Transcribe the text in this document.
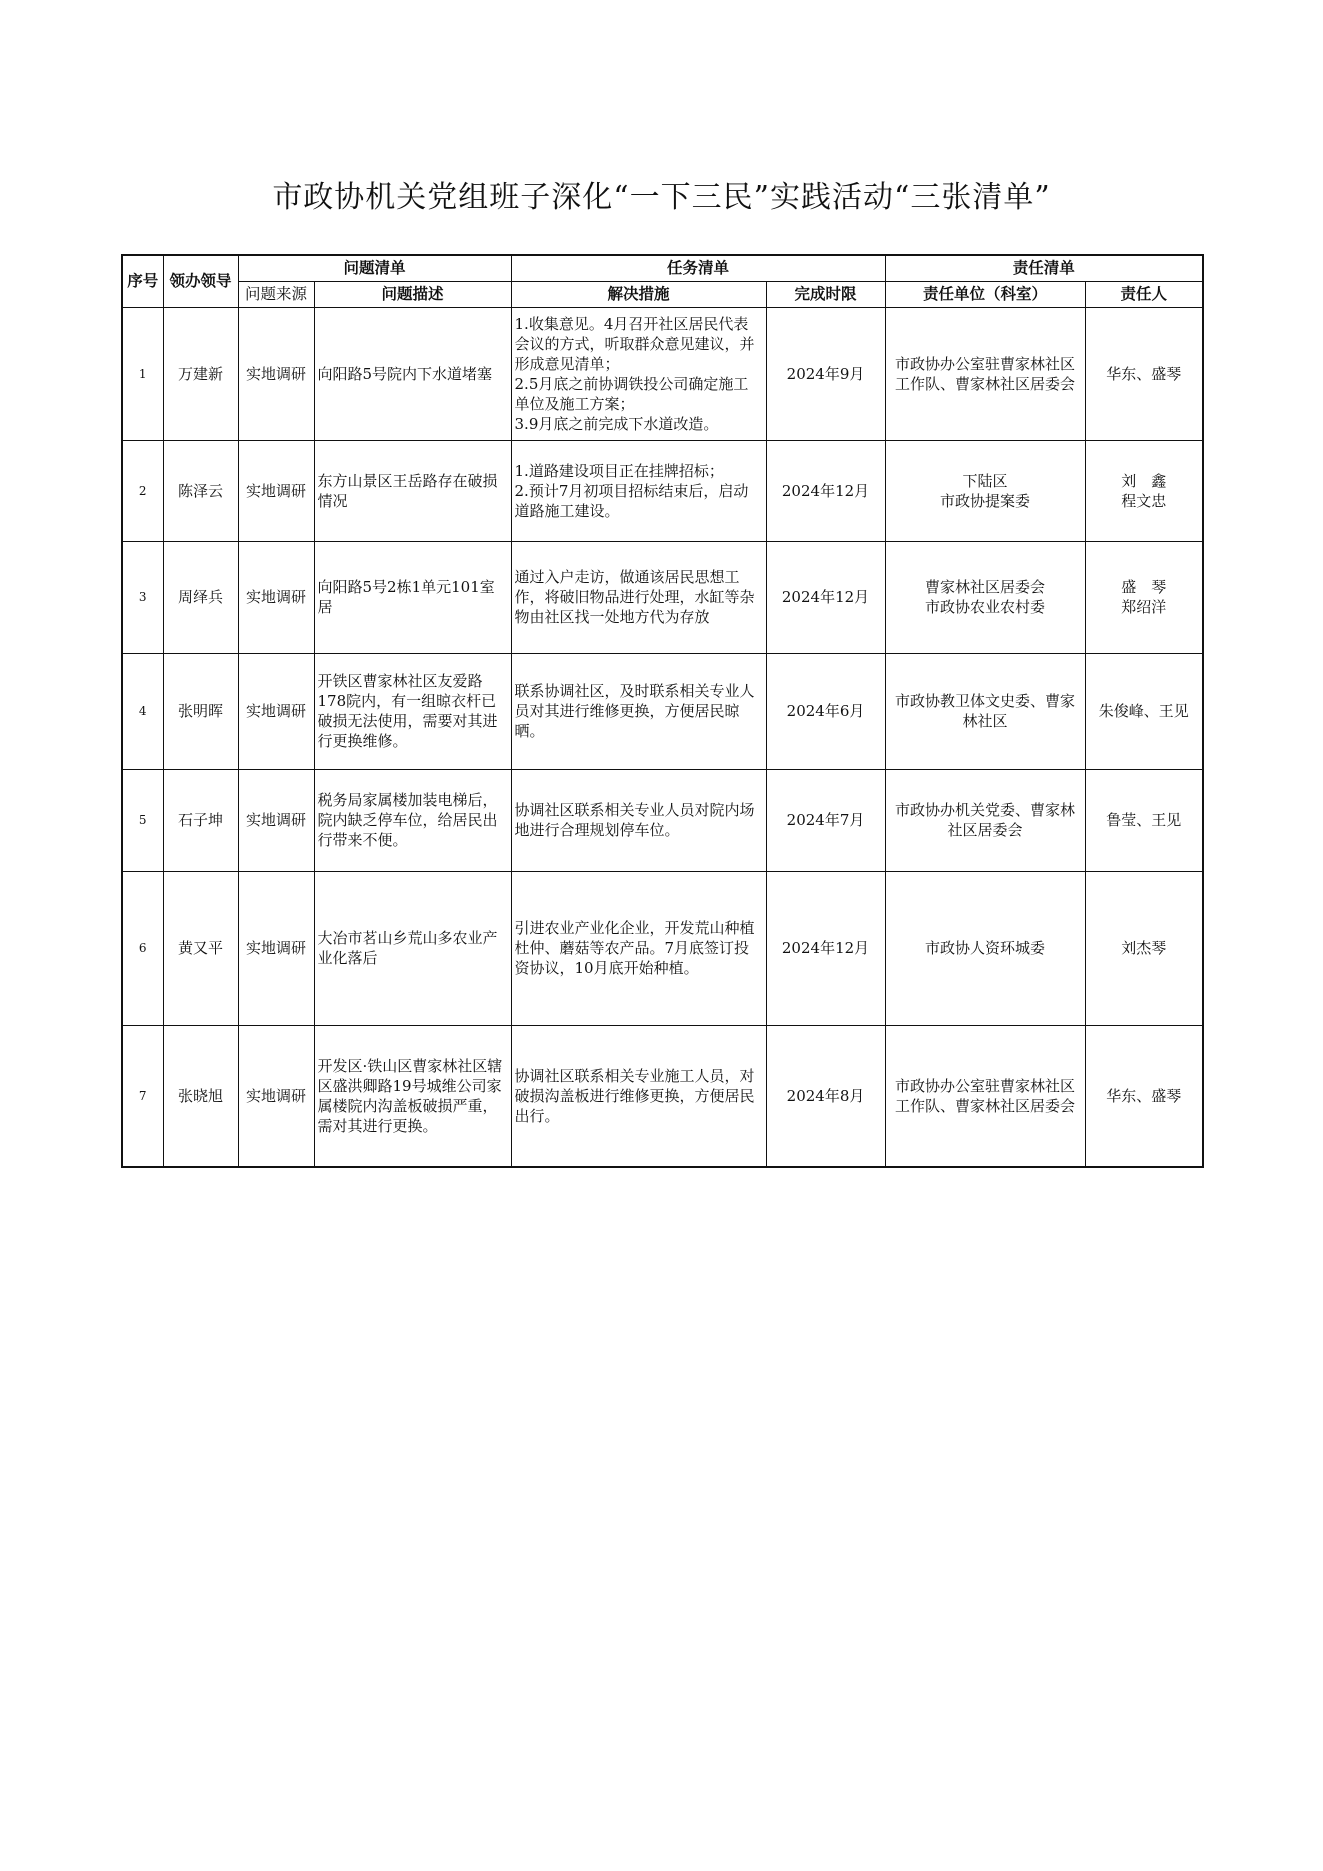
市政协机关党组班子深化“一下三民”实践活动“三张清单”
序号	领办领导	问题清单		任务清单		责任清单	
		问题来源	问题描述	解决措施	完成时限	责任单位（科室）	责任人
1	万建新	实地调研	向阳路5号院内下水道堵塞	1.收集意见。4月召开社区居民代表会议的方式，听取群众意见建议，并形成意见清单；
2.5月底之前协调铁投公司确定施工单位及施工方案；
3.9月底之前完成下水道改造。	2024年9月	市政协办公室驻曹家林社区工作队、曹家林社区居委会	华东、盛琴

2	陈泽云	实地调研	东方山景区王岳路存在破损情况	1.道路建设项目正在挂牌招标；
2.预计7月初项目招标结束后，启动道路施工建设。	2024年12月	下陆区
市政协提案委	刘　鑫
程文忠

3	周绎兵	实地调研	向阳路5号2栋1单元101室居	通过入户走访，做通该居民思想工作，将破旧物品进行处理，水缸等杂物由社区找一处地方代为存放	2024年12月	曹家林社区居委会
市政协农业农村委	盛　琴
郑绍洋

4	张明晖	实地调研	开铁区曹家林社区友爱路178院内，有一组晾衣杆已破损无法使用，需要对其进行更换维修。	联系协调社区，及时联系相关专业人员对其进行维修更换，方便居民晾晒。	2024年6月	市政协教卫体文史委、曹家林社区	朱俊峰、王见

5	石子坤	实地调研	税务局家属楼加装电梯后，院内缺乏停车位，给居民出行带来不便。	协调社区联系相关专业人员对院内场地进行合理规划停车位。	2024年7月	市政协办机关党委、曹家林社区居委会	鲁莹、王见

6	黄又平	实地调研	大冶市茗山乡荒山多农业产业化落后	引进农业产业化企业，开发荒山种植杜仲、蘑菇等农产品。7月底签订投资协议，10月底开始种植。	2024年12月	市政协人资环城委	刘杰琴

7	张晓旭	实地调研	开发区·铁山区曹家林社区辖区盛洪卿路19号城维公司家属楼院内沟盖板破损严重，需对其进行更换。	协调社区联系相关专业施工人员，对破损沟盖板进行维修更换，方便居民出行。	2024年8月	市政协办公室驻曹家林社区工作队、曹家林社区居委会	华东、盛琴
